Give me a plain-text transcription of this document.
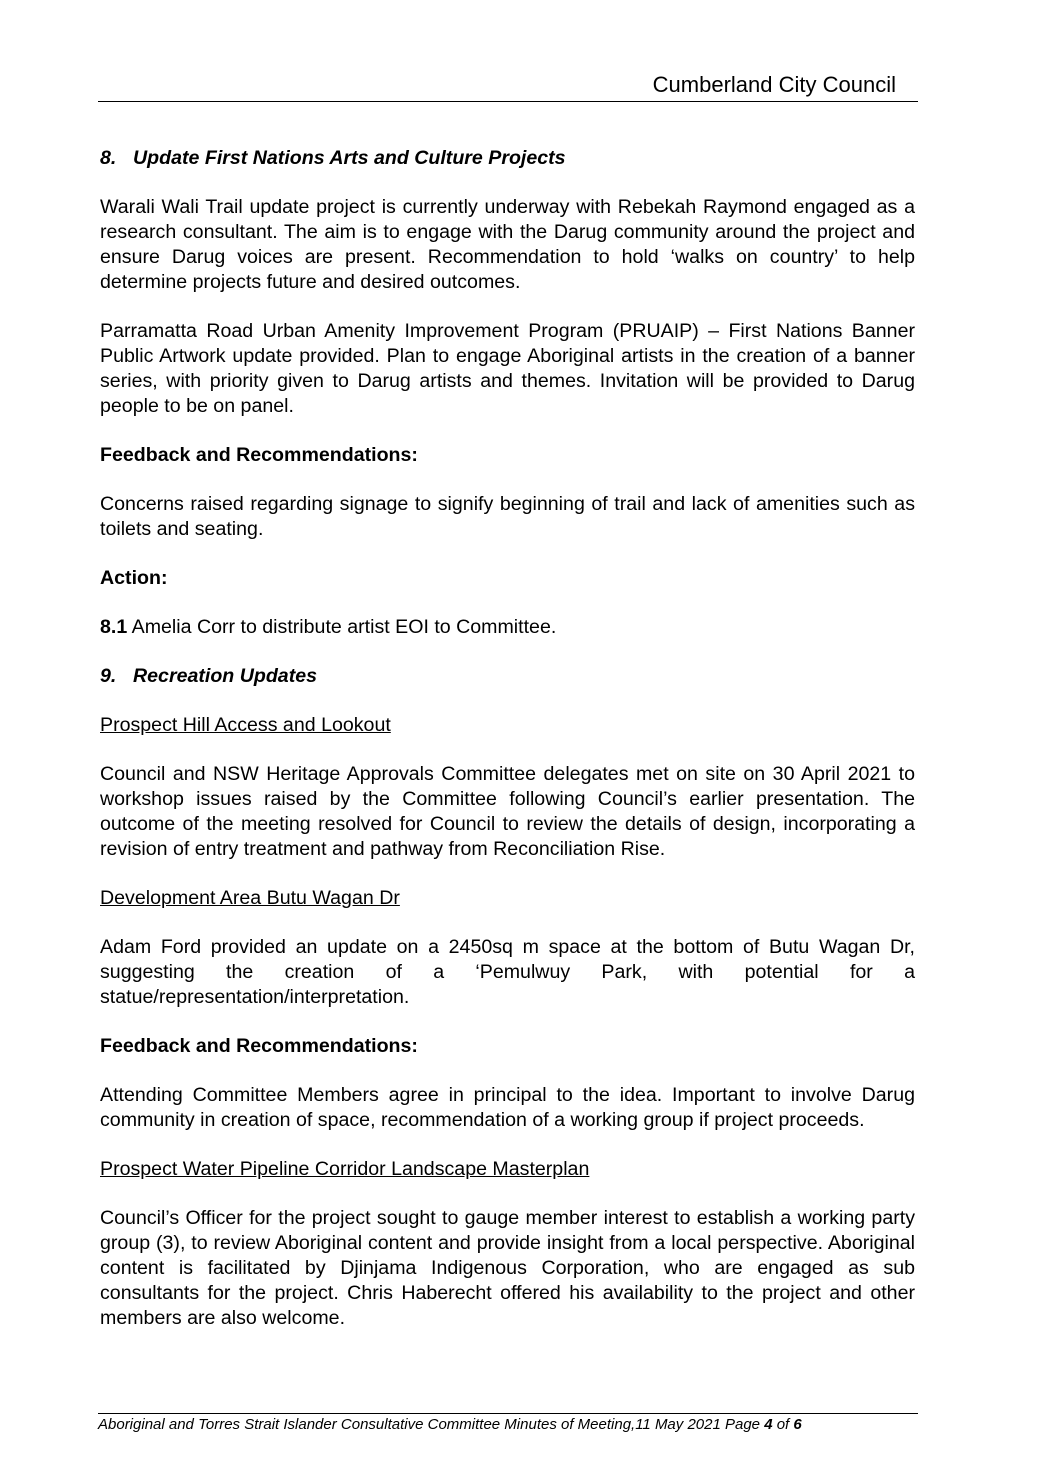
Cumberland City Council
8. Update First Nations Arts and Culture Projects

Warali Wali Trail update project is currently underway with Rebekah Raymond engaged as a research consultant. The aim is to engage with the Darug community around the project and ensure Darug voices are present. Recommendation to hold ‘walks on country’ to help determine projects future and desired outcomes.

Parramatta Road Urban Amenity Improvement Program (PRUAIP) – First Nations Banner Public Artwork update provided. Plan to engage Aboriginal artists in the creation of a banner series, with priority given to Darug artists and themes. Invitation will be provided to Darug people to be on panel.

Feedback and Recommendations:

Concerns raised regarding signage to signify beginning of trail and lack of amenities such as toilets and seating.

Action:

8.1 Amelia Corr to distribute artist EOI to Committee.
9. Recreation Updates
Prospect Hill Access and Lookout

Council and NSW Heritage Approvals Committee delegates met on site on 30 April 2021 to workshop issues raised by the Committee following Council’s earlier presentation. The outcome of the meeting resolved for Council to review the details of design, incorporating a revision of entry treatment and pathway from Reconciliation Rise.

Development Area Butu Wagan Dr

Adam Ford provided an update on a 2450sq m space at the bottom of Butu Wagan Dr, suggesting the creation of a ‘Pemulwuy Park, with potential for a statue/representation/interpretation.

Feedback and Recommendations:

Attending Committee Members agree in principal to the idea. Important to involve Darug community in creation of space, recommendation of a working group if project proceeds.

Prospect Water Pipeline Corridor Landscape Masterplan

Council’s Officer for the project sought to gauge member interest to establish a working party group (3), to review Aboriginal content and provide insight from a local perspective. Aboriginal content is facilitated by Djinjama Indigenous Corporation, who are engaged as sub consultants for the project. Chris Haberecht offered his availability to the project and other members are also welcome.

Aboriginal and Torres Strait Islander Consultative Committee Minutes of Meeting,11 May 2021 Page 4 of 6
